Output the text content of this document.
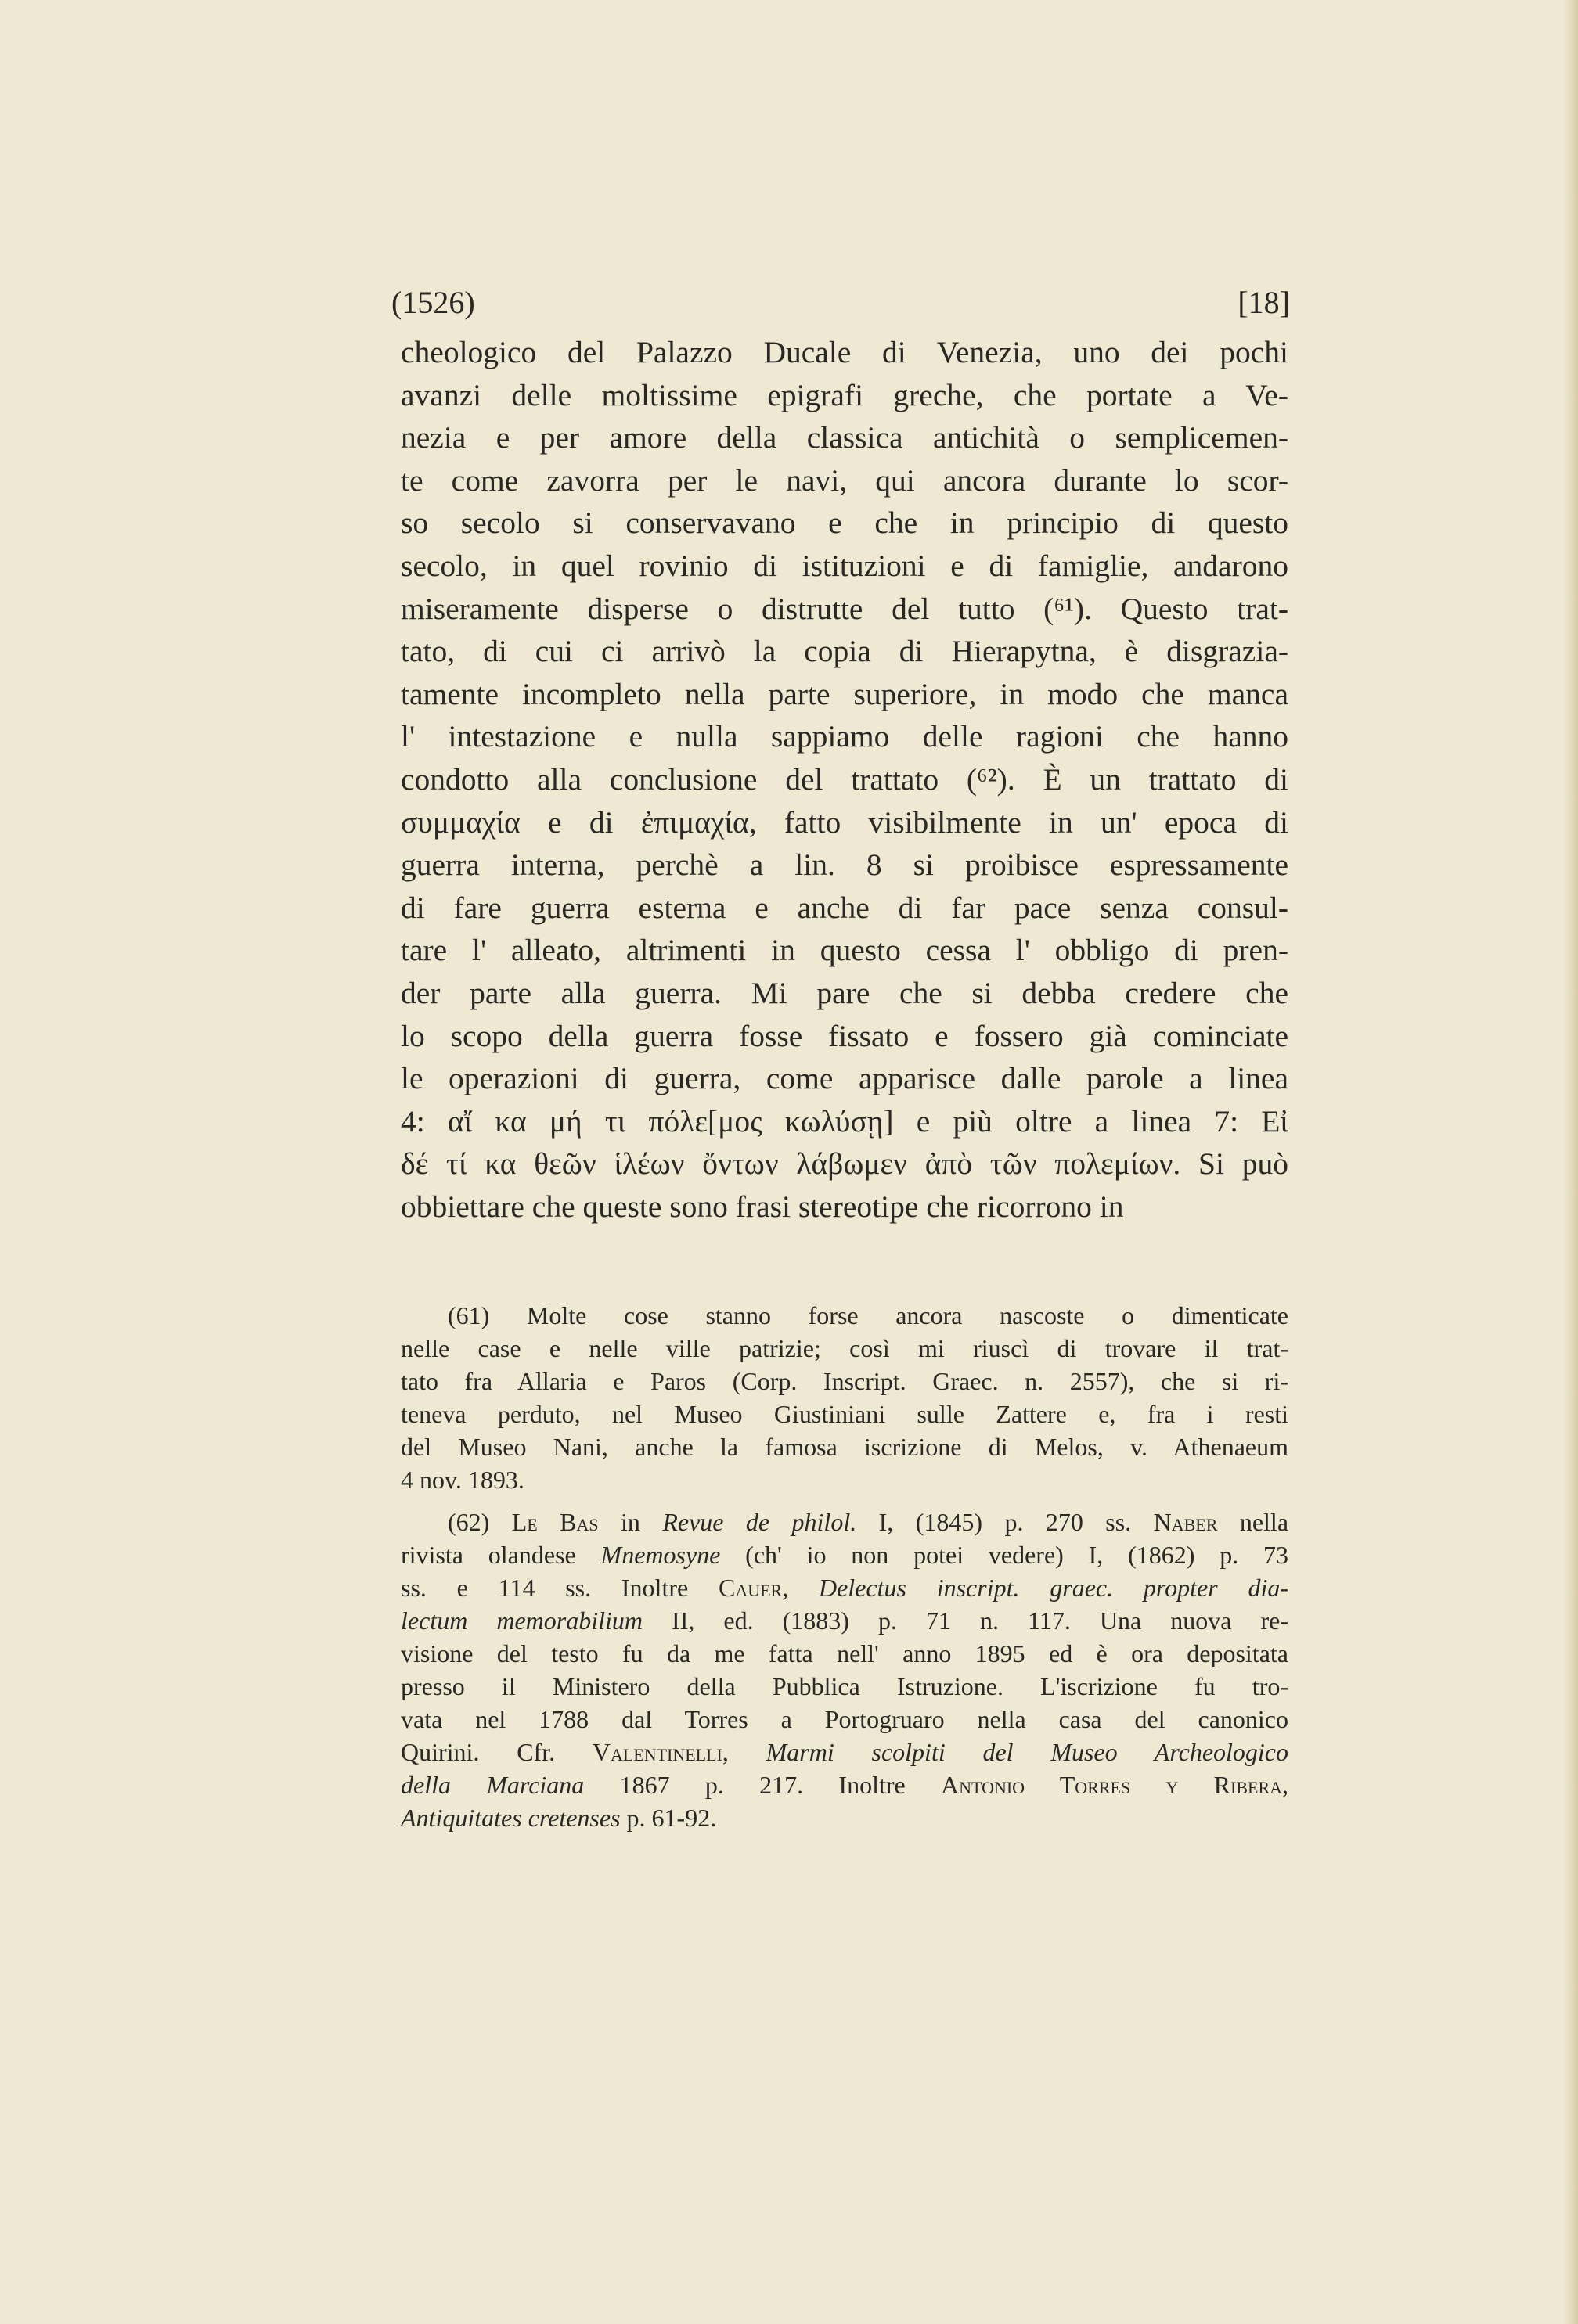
(1526)	[18]
cheologico del Palazzo Ducale di Venezia, uno dei pochi
avanzi delle moltissime epigrafi greche, che portate a Ve-
nezia e per amore della classica antichità o semplicemen-
te come zavorra per le navi, qui ancora durante lo scor-
so secolo si conservavano e che in principio di questo
secolo, in quel rovinio di istituzioni e di famiglie, andarono
miseramente disperse o distrutte del tutto (⁶¹). Questo trat-
tato, di cui ci arrivò la copia di Hierapytna, è disgrazia-
tamente incompleto nella parte superiore, in modo che manca
l' intestazione e nulla sappiamo delle ragioni che hanno
condotto alla conclusione del trattato (⁶²). È un trattato di
συμμαχία e di ἐπιμαχία, fatto visibilmente in un' epoca di
guerra interna, perchè a lin. 8 si proibisce espressamente
di fare guerra esterna e anche di far pace senza consul-
tare l' alleato, altrimenti in questo cessa l' obbligo di pren-
der parte alla guerra. Mi pare che si debba credere che
lo scopo della guerra fosse fissato e fossero già cominciate
le operazioni di guerra, come apparisce dalle parole a linea
4: αἴ κα μή τι πόλε[μος κωλύσῃ] e più oltre a linea 7: Εἰ
δέ τί κα θεῶν ἱλέων ὄντων λάβωμεν ἀπὸ τῶν πολεμίων. Si può
obbiettare che queste sono frasi stereotipe che ricorrono in
(61) Molte cose stanno forse ancora nascoste o dimenticate
nelle case e nelle ville patrizie; così mi riuscì di trovare il trat-
tato fra Allaria e Paros (Corp. Inscript. Graec. n. 2557), che si ri-
teneva perduto, nel Museo Giustiniani sulle Zattere e, fra i resti
del Museo Nani, anche la famosa iscrizione di Melos, v. Athenaeum
4 nov. 1893.
(62) Le Bas in Revue de philol. I, (1845) p. 270 ss. Naber nella
rivista olandese Mnemosyne (ch' io non potei vedere) I, (1862) p. 73
ss. e 114 ss. Inoltre Cauer, Delectus inscript. graec. propter dia-
lectum memorabilium II, ed. (1883) p. 71 n. 117. Una nuova re-
visione del testo fu da me fatta nell' anno 1895 ed è ora depositata
presso il Ministero della Pubblica Istruzione. L'iscrizione fu tro-
vata nel 1788 dal Torres a Portogruaro nella casa del canonico
Quirini. Cfr. Valentinelli, Marmi scolpiti del Museo Archeologico
della Marciana 1867 p. 217. Inoltre Antonio Torres y Ribera,
Antiquitates cretenses p. 61-92.
